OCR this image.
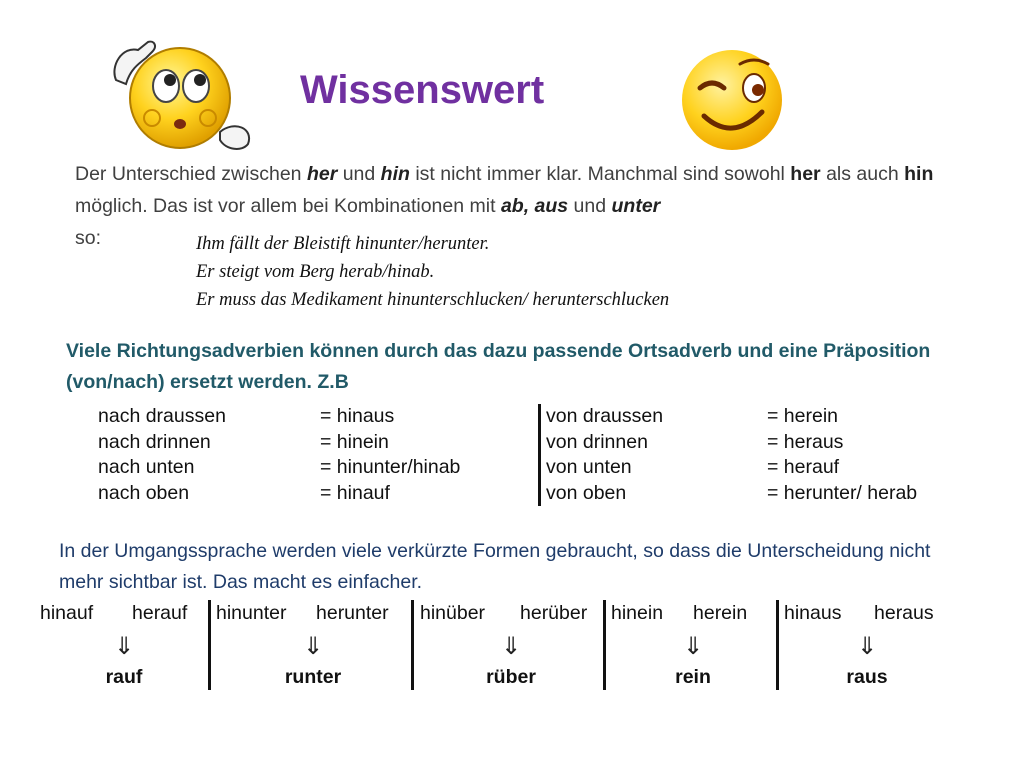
Wissenswert
Der Unterschied zwischen her und hin ist nicht immer klar. Manchmal sind sowohl her als auch hin möglich. Das ist vor allem bei Kombinationen mit ab, aus und unter
so:	Ihm fällt der Bleistift hinunter/herunter.
Er steigt vom Berg herab/hinab.
Er muss das Medikament hinunterschlucken/ herunterschlucken
Viele Richtungsadverbien können durch das dazu passende Ortsadverb und eine Präposition (von/nach) ersetzt werden. Z.B
nach draussen
nach drinnen
nach unten
nach oben
= hinaus
= hinein
= hinunter/hinab
= hinauf
von draussen
von drinnen
von unten
von oben
= herein
= heraus
= herauf
= herunter/ herab
In der Umgangssprache werden viele verkürzte Formen gebraucht, so dass die Unterscheidung nicht mehr sichtbar ist. Das macht es einfacher.
hinauf herauf
⇓
rauf
hinunter herunter
⇓
runter
hinüber herüber
⇓
rüber
hinein herein
⇓
rein
hinaus heraus
⇓
raus
